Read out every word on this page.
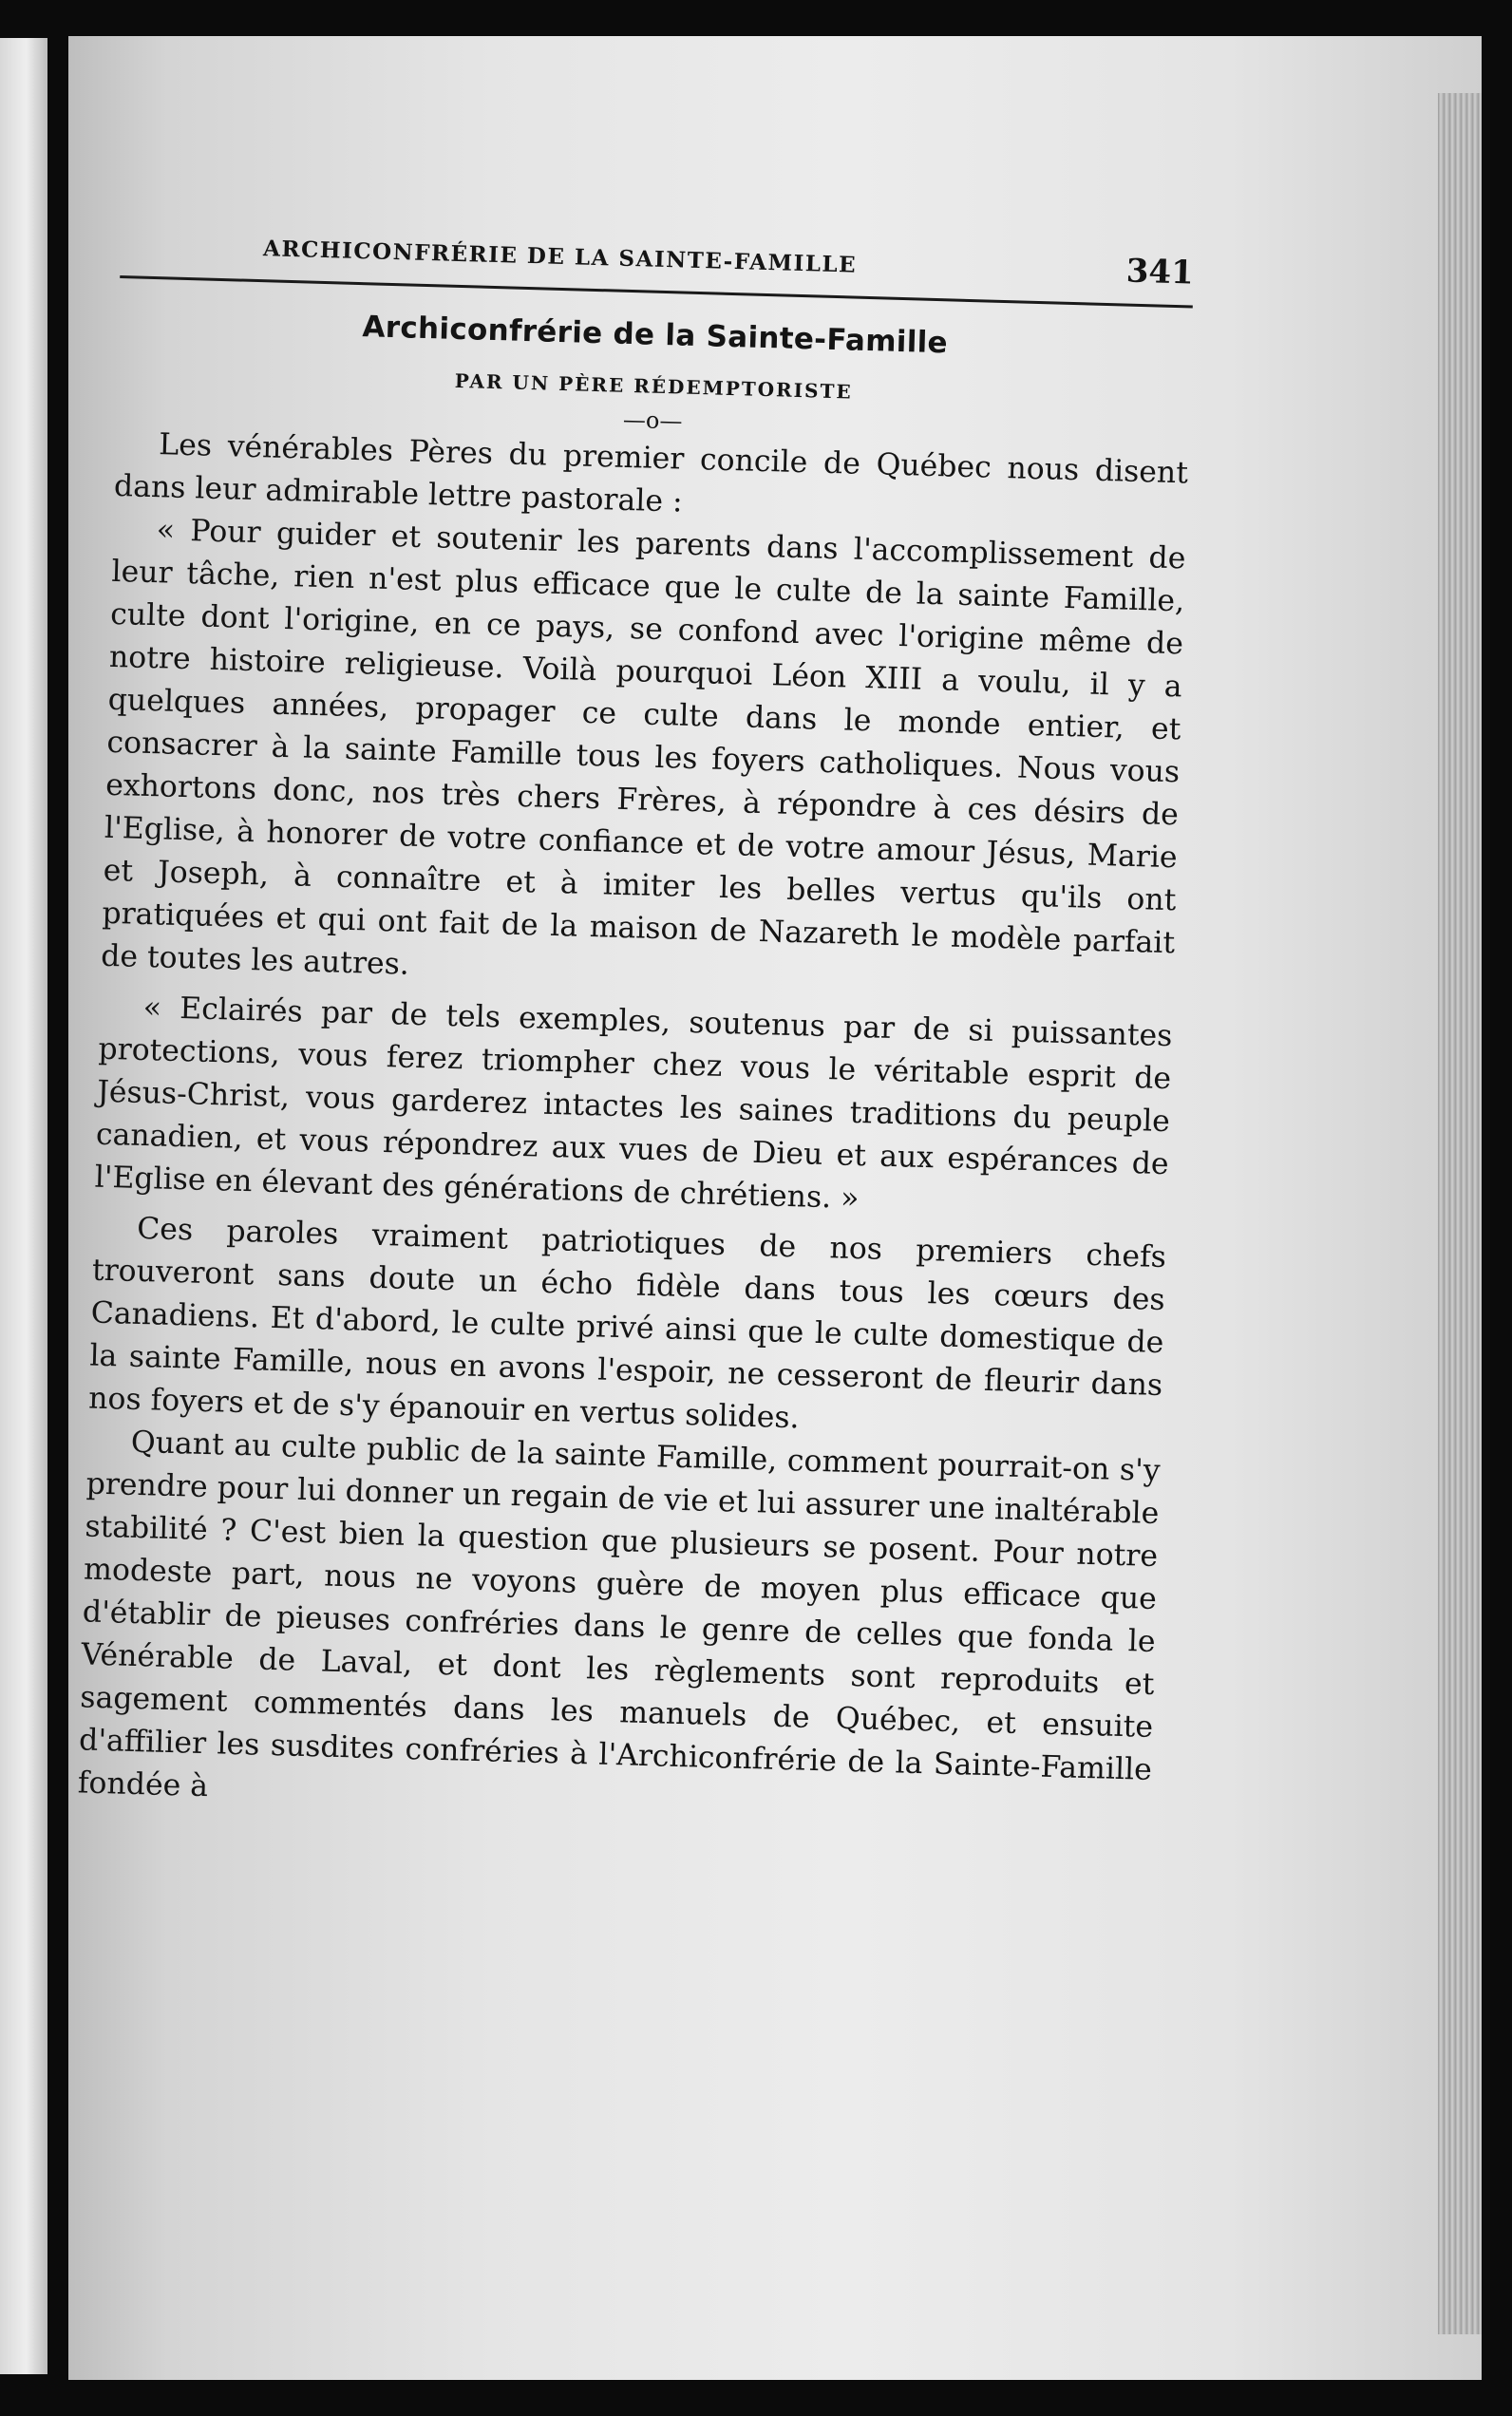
ARCHICONFRÉRIE DE LA SAINTE-FAMILLE	341
Archiconfrérie de la Sainte-Famille
PAR UN PÈRE RÉDEMPTORISTE
—o—

Les vénérables Pères du premier concile de Québec nous disent dans leur admirable lettre pastorale :

« Pour guider et soutenir les parents dans l'accomplissement de leur tâche, rien n'est plus efficace que le culte de la sainte Famille, culte dont l'origine, en ce pays, se confond avec l'origine même de notre histoire religieuse. Voilà pourquoi Léon XIII a voulu, il y a quelques années, propager ce culte dans le monde entier, et consacrer à la sainte Famille tous les foyers catholiques. Nous vous exhortons donc, nos très chers Frères, à répondre à ces désirs de l'Eglise, à honorer de votre confiance et de votre amour Jésus, Marie et Joseph, à connaître et à imiter les belles vertus qu'ils ont pratiquées et qui ont fait de la maison de Nazareth le modèle parfait de toutes les autres.

« Eclairés par de tels exemples, soutenus par de si puissantes protections, vous ferez triompher chez vous le véritable esprit de Jésus-Christ, vous garderez intactes les saines traditions du peuple canadien, et vous répondrez aux vues de Dieu et aux espérances de l'Eglise en élevant des générations de chrétiens. »

Ces paroles vraiment patriotiques de nos premiers chefs trouveront sans doute un écho fidèle dans tous les cœurs des Canadiens. Et d'abord, le culte privé ainsi que le culte domestique de la sainte Famille, nous en avons l'espoir, ne cesseront de fleurir dans nos foyers et de s'y épanouir en vertus solides.

Quant au culte public de la sainte Famille, comment pourrait-on s'y prendre pour lui donner un regain de vie et lui assurer une inaltérable stabilité ? C'est bien la question que plusieurs se posent. Pour notre modeste part, nous ne voyons guère de moyen plus efficace que d'établir de pieuses confréries dans le genre de celles que fonda le Vénérable de Laval, et dont les règlements sont reproduits et sagement commentés dans les manuels de Québec, et ensuite d'affilier les susdites confréries à l'Archiconfrérie de la Sainte-Famille fondée à
